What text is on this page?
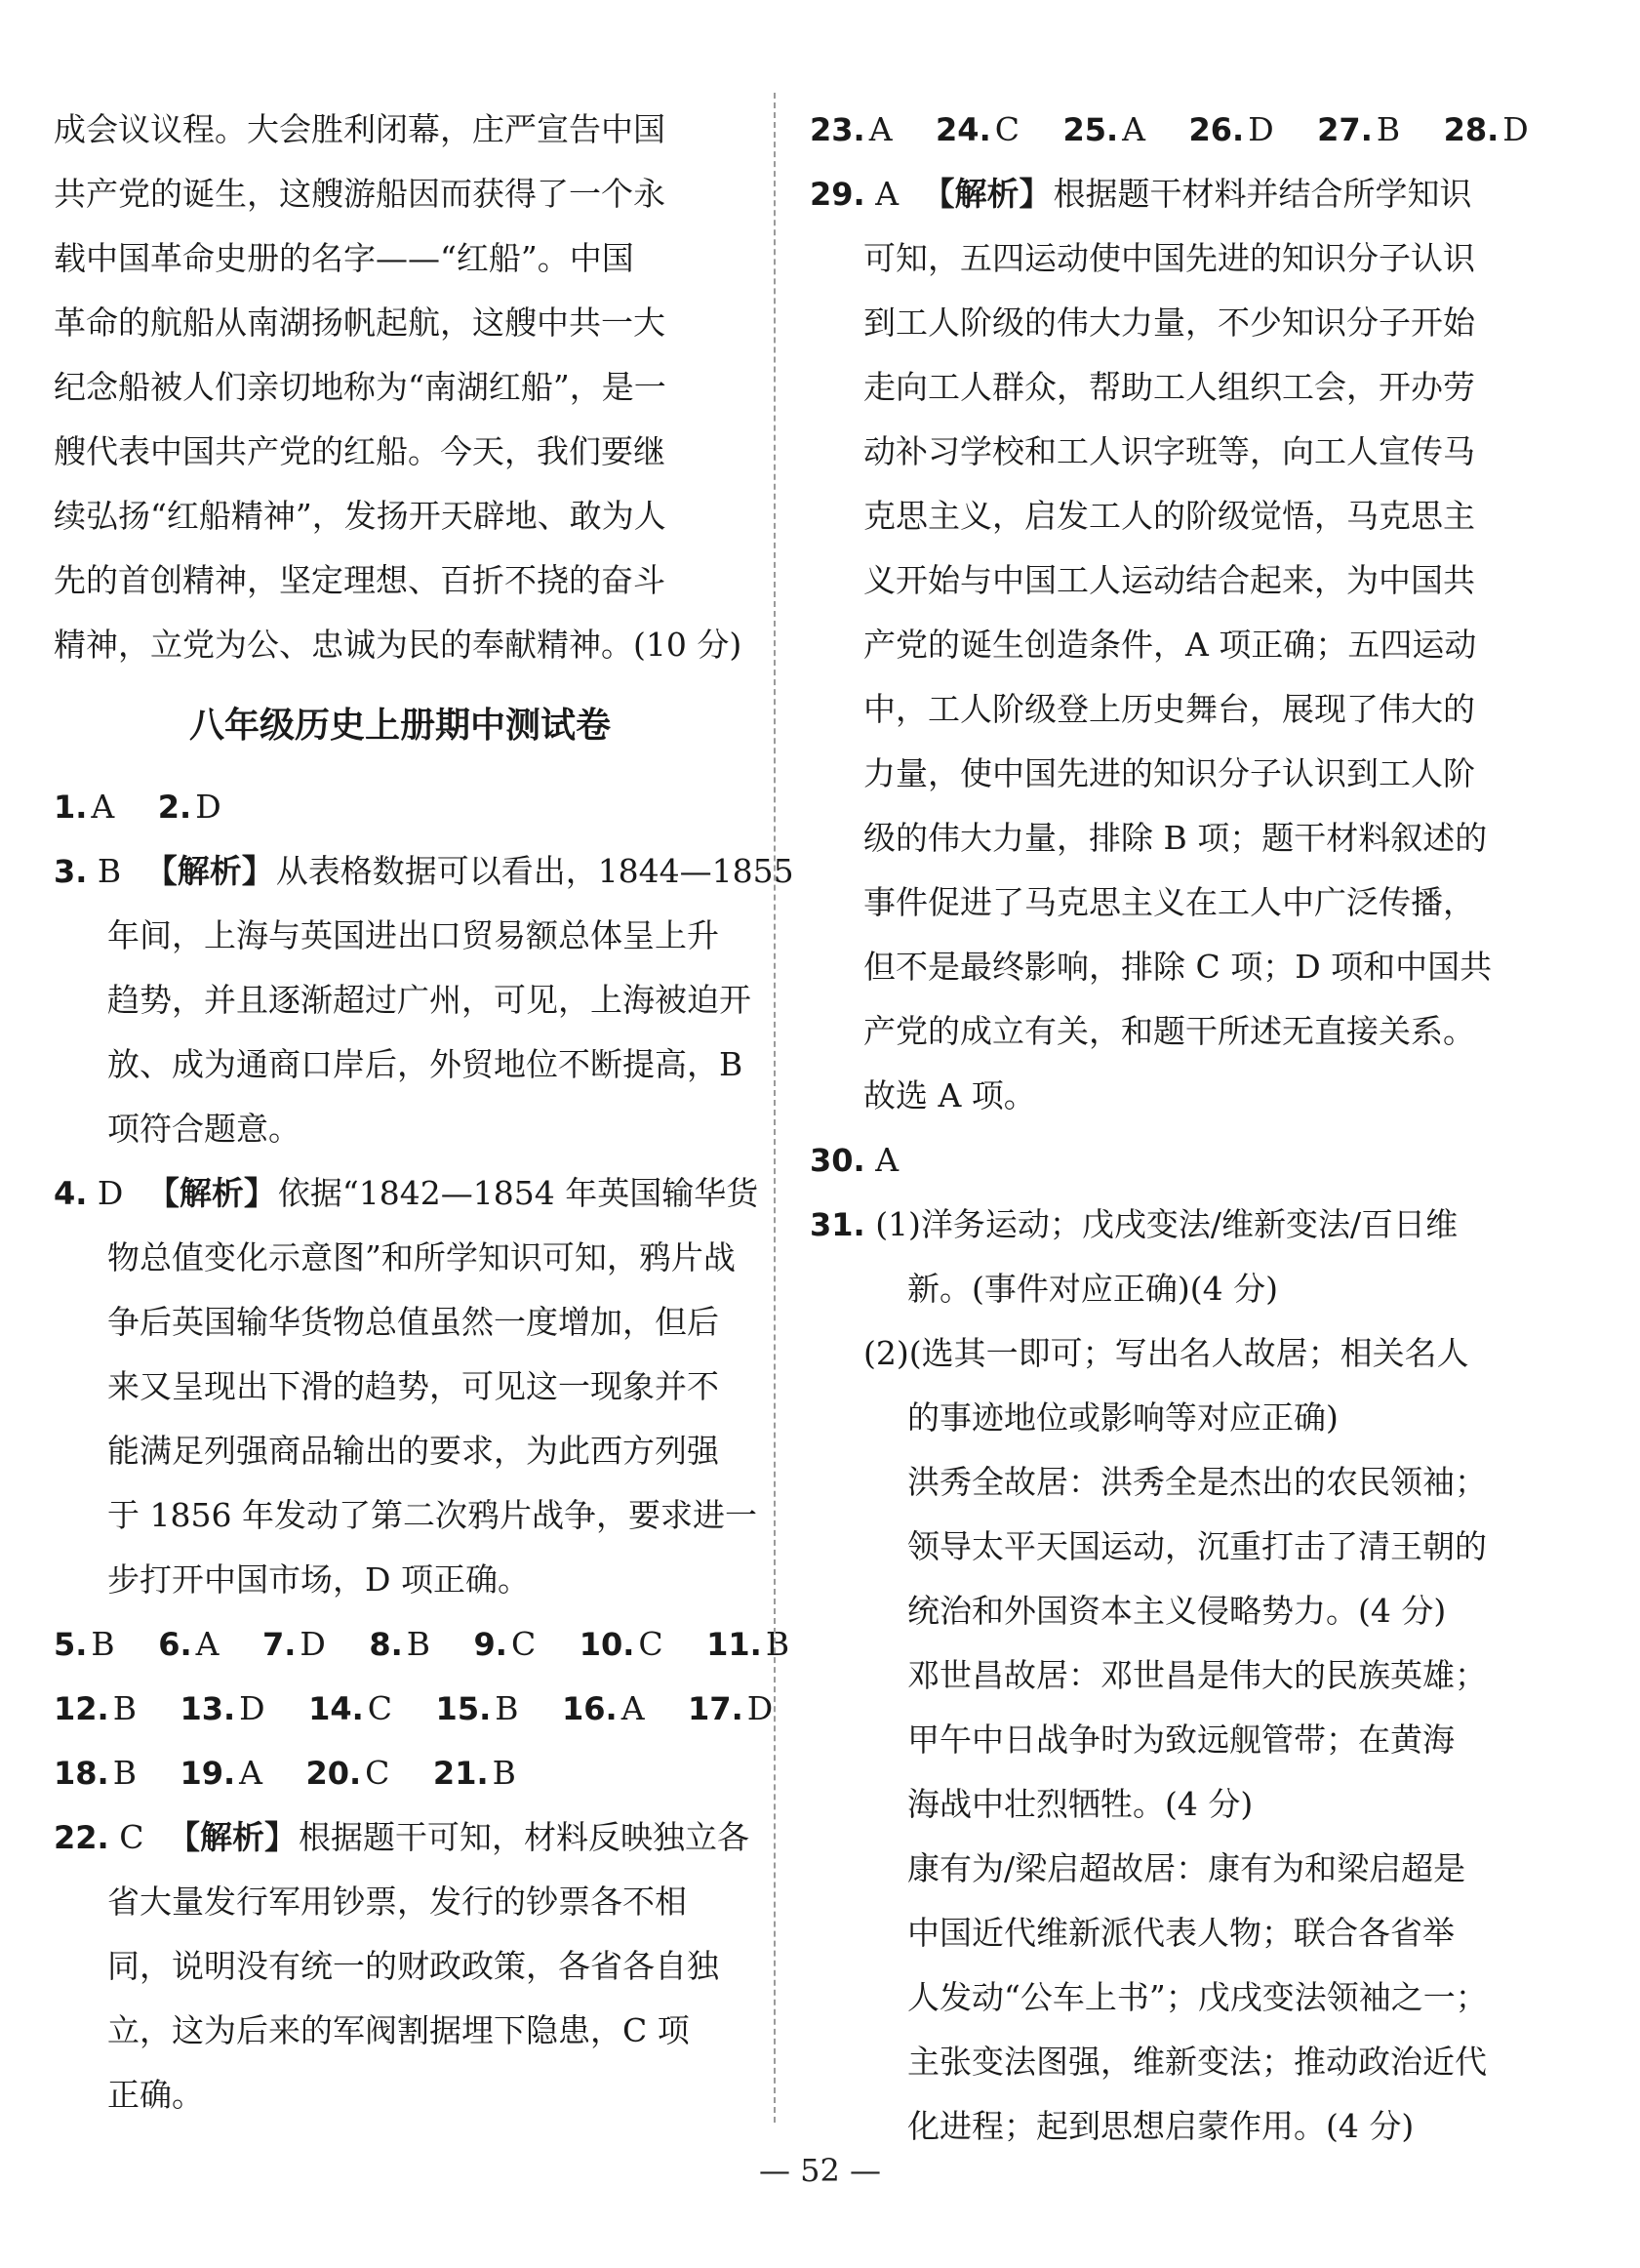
成会议议程。大会胜利闭幕，庄严宣告中国
共产党的诞生，这艘游船因而获得了一个永
载中国革命史册的名字——“红船”。中国
革命的航船从南湖扬帆起航，这艘中共一大
纪念船被人们亲切地称为“南湖红船”，是一
艘代表中国共产党的红船。今天，我们要继
续弘扬“红船精神”，发扬开天辟地、敢为人
先的首创精神，坚定理想、百折不挠的奋斗
精神，立党为公、忠诚为民的奉献精神。(10 分)
八年级历史上册期中测试卷
1. A 2. D
3. B 【解析】从表格数据可以看出，1844—1855
年间，上海与英国进出口贸易额总体呈上升
趋势，并且逐渐超过广州，可见，上海被迫开
放、成为通商口岸后，外贸地位不断提高，B
项符合题意。
4. D 【解析】依据“1842—1854 年英国输华货
物总值变化示意图”和所学知识可知，鸦片战
争后英国输华货物总值虽然一度增加，但后
来又呈现出下滑的趋势，可见这一现象并不
能满足列强商品输出的要求，为此西方列强
于 1856 年发动了第二次鸦片战争，要求进一
步打开中国市场，D 项正确。
5. B 6. A 7. D 8. B 9. C 10. C 11. B
12. B 13. D 14. C 15. B 16. A 17. D
18. B 19. A 20. C 21. B
22. C 【解析】根据题干可知，材料反映独立各
省大量发行军用钞票，发行的钞票各不相
同，说明没有统一的财政政策，各省各自独
立，这为后来的军阀割据埋下隐患，C 项
正确。
23. A 24. C 25. A 26. D 27. B 28. D
29. A 【解析】根据题干材料并结合所学知识
可知，五四运动使中国先进的知识分子认识
到工人阶级的伟大力量，不少知识分子开始
走向工人群众，帮助工人组织工会，开办劳
动补习学校和工人识字班等，向工人宣传马
克思主义，启发工人的阶级觉悟，马克思主
义开始与中国工人运动结合起来，为中国共
产党的诞生创造条件，A 项正确；五四运动
中，工人阶级登上历史舞台，展现了伟大的
力量，使中国先进的知识分子认识到工人阶
级的伟大力量，排除 B 项；题干材料叙述的
事件促进了马克思主义在工人中广泛传播，
但不是最终影响，排除 C 项；D 项和中国共
产党的成立有关，和题干所述无直接关系。
故选 A 项。
30. A
31. (1)洋务运动；戊戌变法/维新变法/百日维
新。(事件对应正确)(4 分)
(2)(选其一即可；写出名人故居；相关名人
的事迹地位或影响等对应正确)
洪秀全故居：洪秀全是杰出的农民领袖；
领导太平天国运动，沉重打击了清王朝的
统治和外国资本主义侵略势力。(4 分)
邓世昌故居：邓世昌是伟大的民族英雄；
甲午中日战争时为致远舰管带；在黄海
海战中壮烈牺牲。(4 分)
康有为/梁启超故居：康有为和梁启超是
中国近代维新派代表人物；联合各省举
人发动“公车上书”；戊戌变法领袖之一；
主张变法图强，维新变法；推动政治近代
化进程；起到思想启蒙作用。(4 分)
— 52 —
